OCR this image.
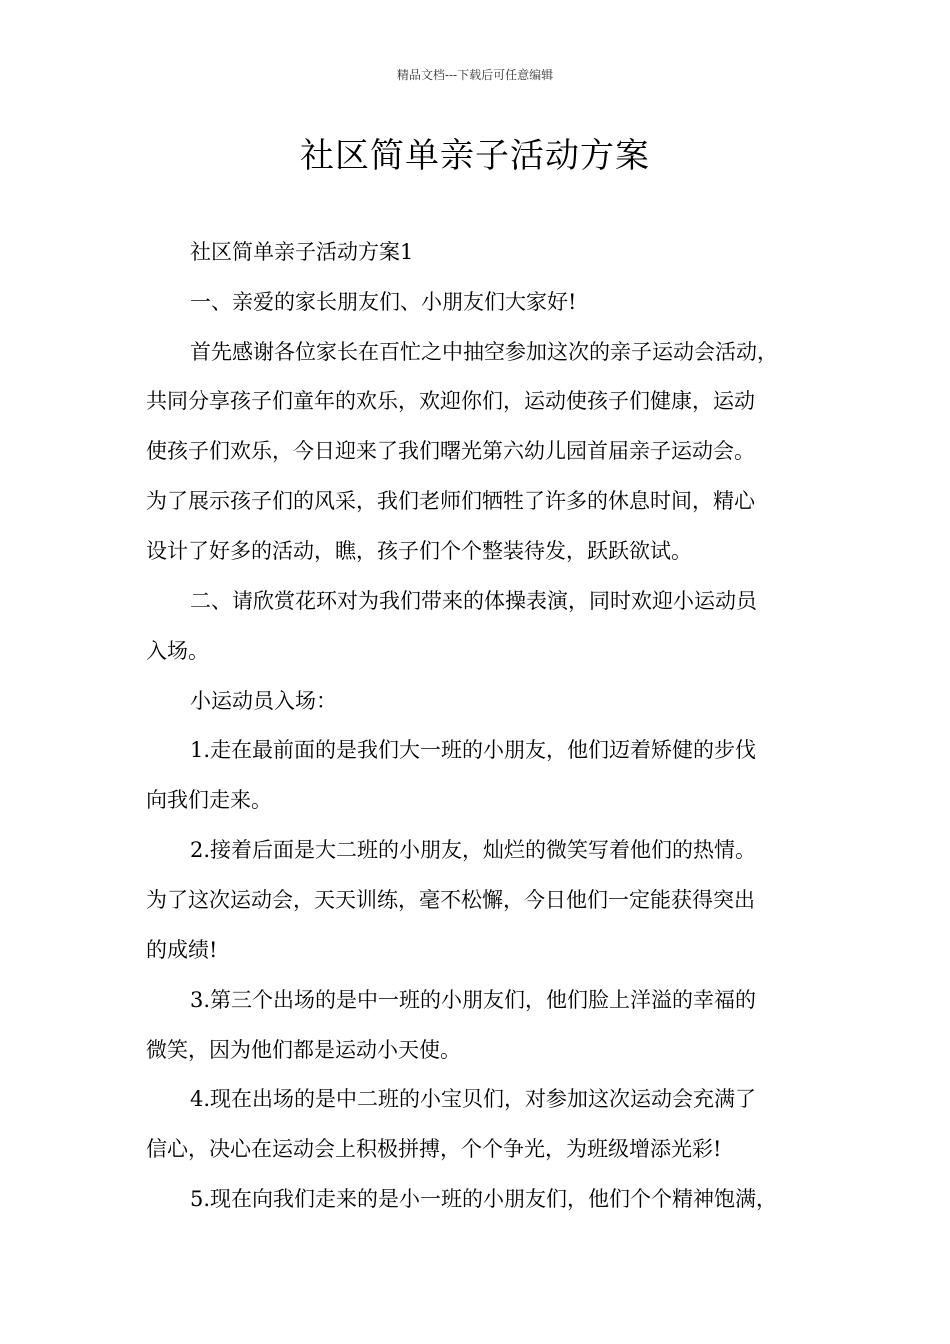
精品文档---下载后可任意编辑
社区简单亲子活动方案
社区简单亲子活动方案1
一、亲爱的家长朋友们、小朋友们大家好!
首先感谢各位家长在百忙之中抽空参加这次的亲子运动会活动，
共同分享孩子们童年的欢乐，欢迎你们，运动使孩子们健康，运动
使孩子们欢乐，今日迎来了我们曙光第六幼儿园首届亲子运动会。
为了展示孩子们的风采，我们老师们牺牲了许多的休息时间，精心
设计了好多的活动，瞧，孩子们个个整装待发，跃跃欲试。
二、请欣赏花环对为我们带来的体操表演，同时欢迎小运动员
入场。
小运动员入场：
1.走在最前面的是我们大一班的小朋友，他们迈着矫健的步伐
向我们走来。
2.接着后面是大二班的小朋友，灿烂的微笑写着他们的热情。
为了这次运动会，天天训练，毫不松懈，今日他们一定能获得突出
的成绩!
3.第三个出场的是中一班的小朋友们，他们脸上洋溢的幸福的
微笑，因为他们都是运动小天使。
4.现在出场的是中二班的小宝贝们，对参加这次运动会充满了
信心，决心在运动会上积极拼搏，个个争光，为班级增添光彩!
5.现在向我们走来的是小一班的小朋友们，他们个个精神饱满，
